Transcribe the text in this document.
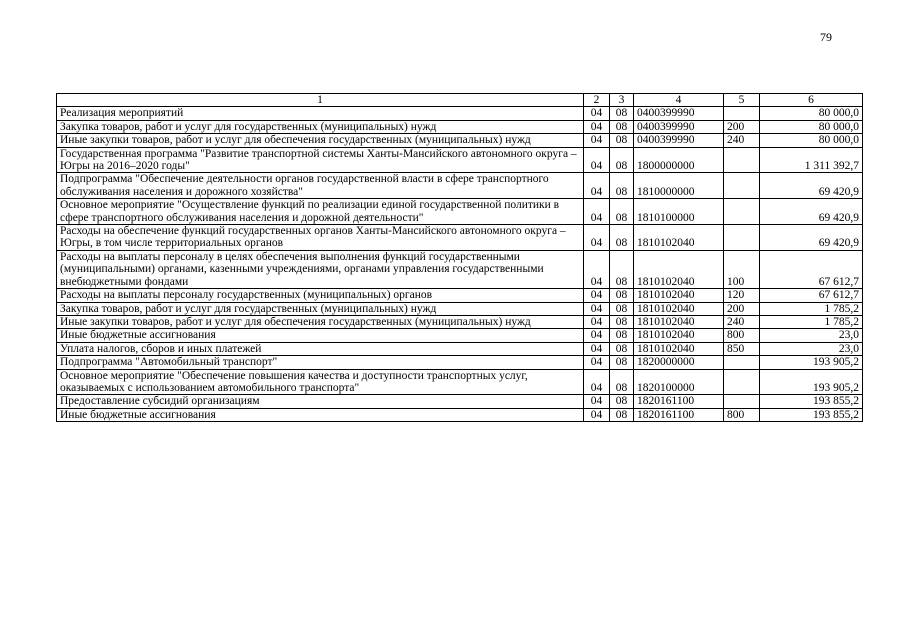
79
1	2	3	4	5	6
Реализация мероприятий	04	08	0400399990		80 000,0
Закупка товаров, работ и услуг для государственных (муниципальных) нужд	04	08	0400399990	200	80 000,0
Иные закупки товаров, работ и услуг для обеспечения государственных (муниципальных) нужд	04	08	0400399990	240	80 000,0
Государственная программа "Развитие транспортной системы Ханты-Мансийского автономного округа – Югры на 2016–2020 годы"	04	08	1800000000		1 311 392,7
Подпрограмма "Обеспечение деятельности органов государственной власти в сфере транспортного обслуживания населения и дорожного хозяйства"	04	08	1810000000		69 420,9
Основное мероприятие "Осуществление функций по реализации единой государственной политики в сфере транспортного обслуживания населения и дорожной деятельности"	04	08	1810100000		69 420,9
Расходы на обеспечение функций государственных органов Ханты-Мансийского автономного округа – Югры, в том числе территориальных органов	04	08	1810102040		69 420,9
Расходы на выплаты персоналу в целях обеспечения выполнения функций государственными (муниципальными) органами, казенными учреждениями, органами управления государственными внебюджетными фондами	04	08	1810102040	100	67 612,7
Расходы на выплаты персоналу государственных (муниципальных) органов	04	08	1810102040	120	67 612,7
Закупка товаров, работ и услуг для государственных (муниципальных) нужд	04	08	1810102040	200	1 785,2
Иные закупки товаров, работ и услуг для обеспечения государственных (муниципальных) нужд	04	08	1810102040	240	1 785,2
Иные бюджетные ассигнования	04	08	1810102040	800	23,0
Уплата налогов, сборов и иных платежей	04	08	1810102040	850	23,0
Подпрограмма "Автомобильный транспорт"	04	08	1820000000		193 905,2
Основное мероприятие "Обеспечение повышения качества и доступности транспортных услуг, оказываемых с использованием автомобильного транспорта"	04	08	1820100000		193 905,2
Предоставление субсидий организациям	04	08	1820161100		193 855,2
Иные бюджетные ассигнования	04	08	1820161100	800	193 855,2
